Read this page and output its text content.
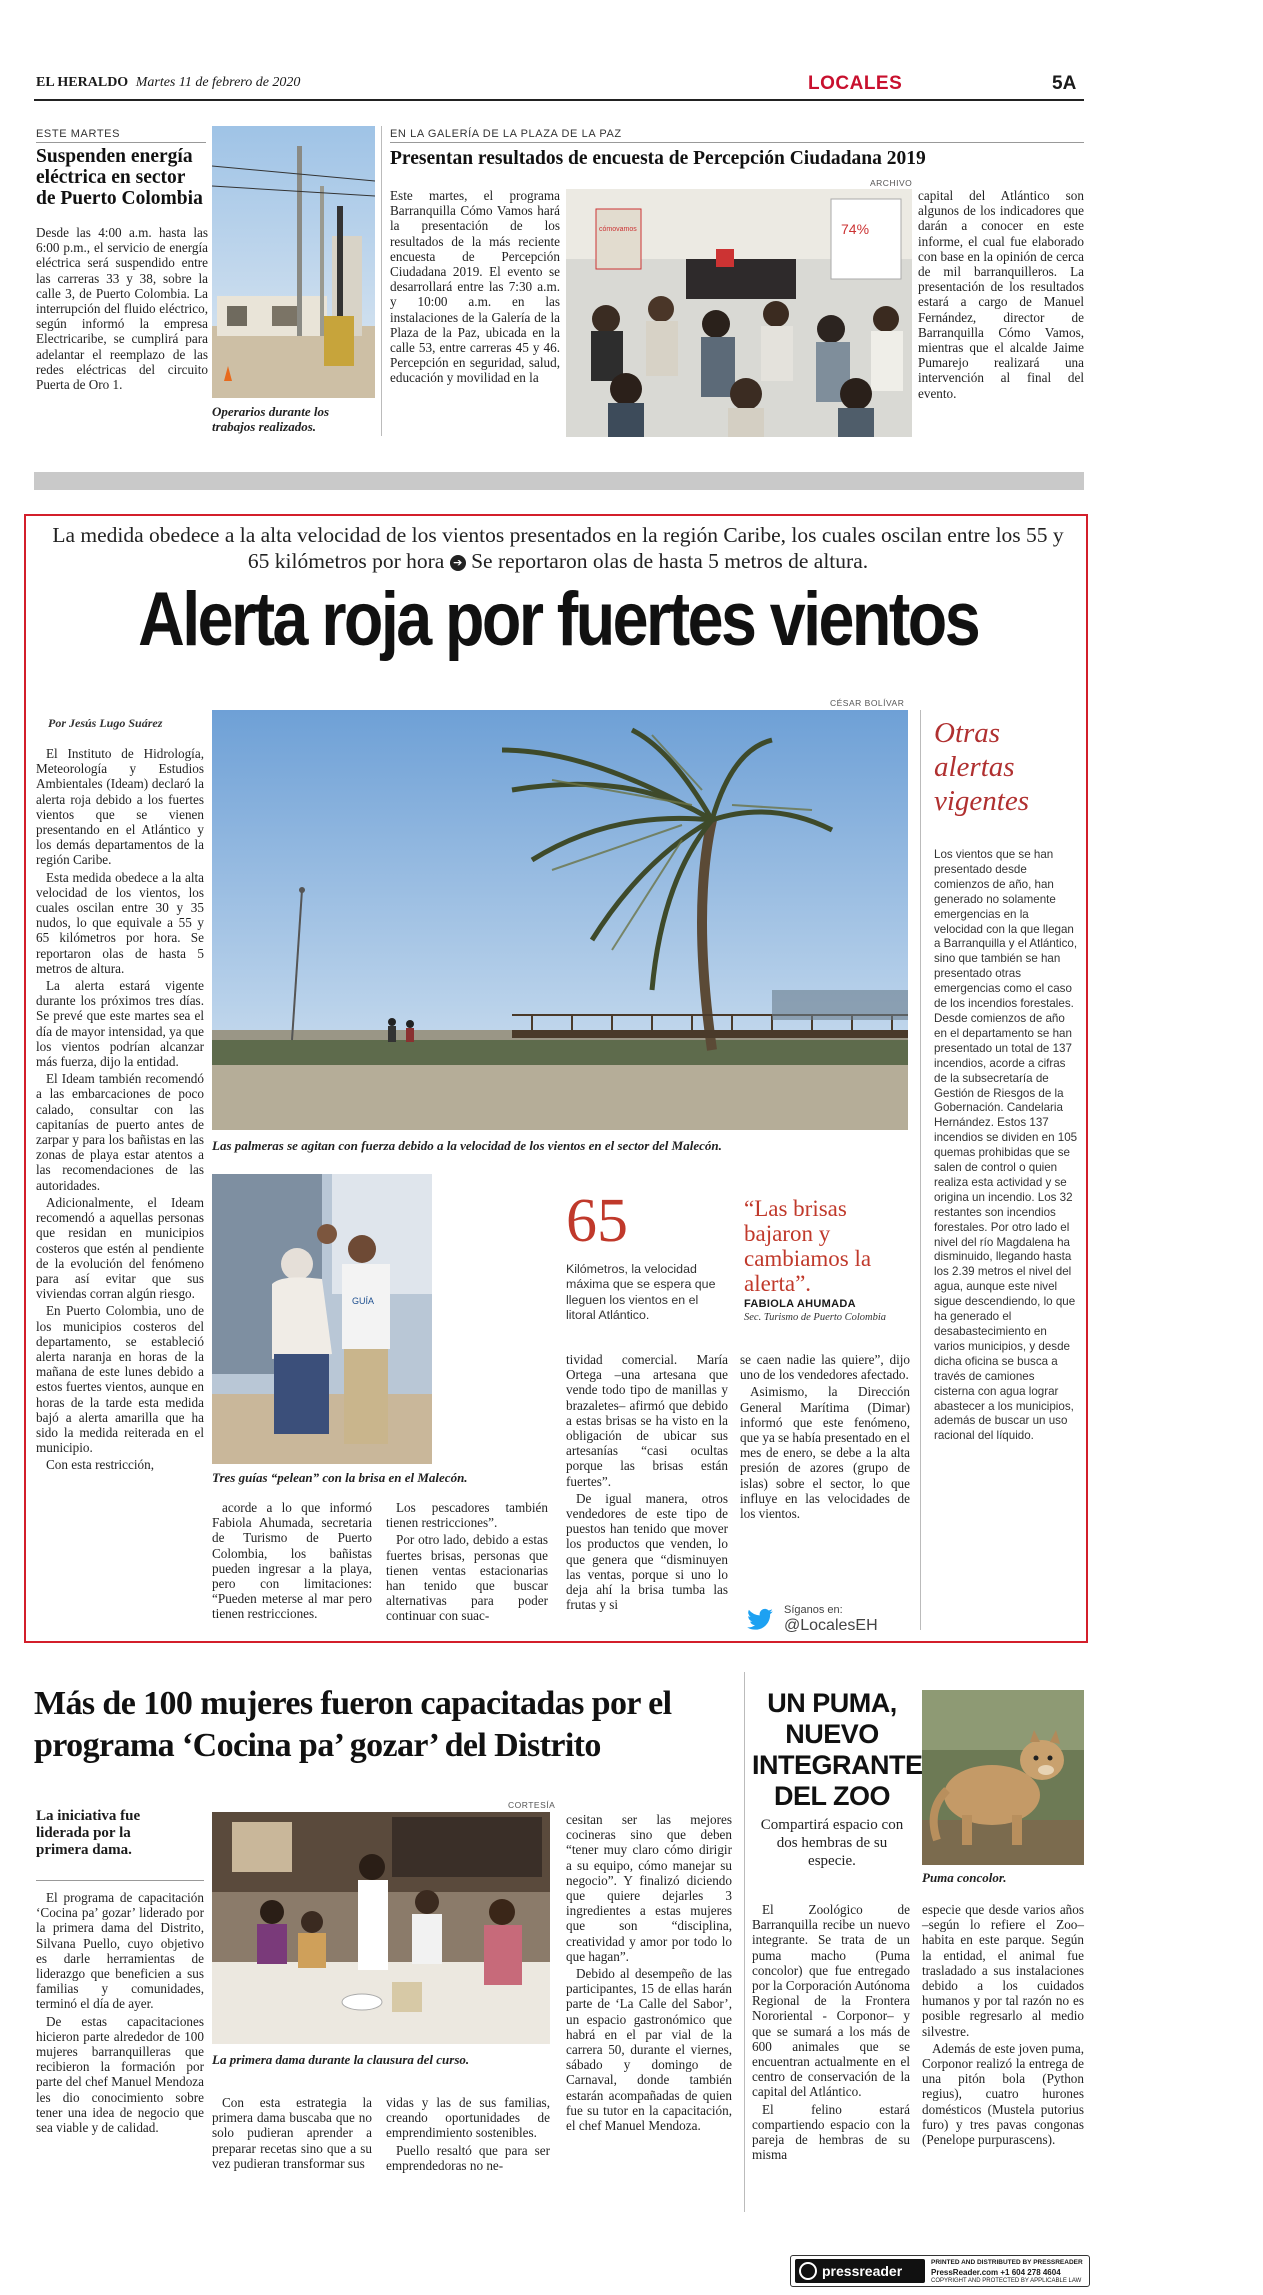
EL HERALDO Martes 11 de febrero de 2020	LOCALES	5A
ESTE MARTES
Suspenden energía eléctrica en sector de Puerto Colombia
Desde las 4:00 a.m. hasta las 6:00 p.m., el servicio de energía eléctrica será suspendido entre las carreras 33 y 38, sobre la calle 3, de Puerto Colombia. La interrupción del fluido eléctrico, según informó la empresa Electricaribe, se cumplirá para adelantar el reemplazo de las redes eléctricas del circuito Puerta de Oro 1.
Operarios durante los trabajos realizados.
EN LA GALERÍA DE LA PLAZA DE LA PAZ
Presentan resultados de encuesta de Percepción Ciudadana 2019
Este martes, el programa Barranquilla Cómo Vamos hará la presentación de los resultados de la más reciente encuesta de Percepción Ciudadana 2019. El evento se desarrollará entre las 7:30 a.m. y 10:00 a.m. en las instalaciones de la Galería de la Plaza de la Paz, ubicada en la calle 53, entre carreras 45 y 46. Percepción en seguridad, salud, educación y movilidad en la
ARCHIVO
cómovamos	74%
capital del Atlántico son algunos de los indicadores que darán a conocer en este informe, el cual fue elaborado con base en la opinión de cerca de mil barranquilleros. La presentación de los resultados estará a cargo de Manuel Fernández, director de Barranquilla Cómo Vamos, mientras que el alcalde Jaime Pumarejo realizará una intervención al final del evento.
La medida obedece a la alta velocidad de los vientos presentados en la región Caribe, los cuales oscilan entre los 55 y 65 kilómetros por hora ➔ Se reportaron olas de hasta 5 metros de altura.
Alerta roja por fuertes vientos
CÉSAR BOLÍVAR
Por Jesús Lugo Suárez

El Instituto de Hidrología, Meteorología y Estudios Ambientales (Ideam) declaró la alerta roja debido a los fuertes vientos que se vienen presentando en el Atlántico y los demás departamentos de la región Caribe.

Esta medida obedece a la alta velocidad de los vientos, los cuales oscilan entre 30 y 35 nudos, lo que equivale a 55 y 65 kilómetros por hora. Se reportaron olas de hasta 5 metros de altura.

La alerta estará vigente durante los próximos tres días. Se prevé que este martes sea el día de mayor intensidad, ya que los vientos podrían alcanzar más fuerza, dijo la entidad.

El Ideam también recomendó a las embarcaciones de poco calado, consultar con las capitanías de puerto antes de zarpar y para los bañistas en las zonas de playa estar atentos a las recomendaciones de las autoridades.

Adicionalmente, el Ideam recomendó a aquellas personas que residan en municipios costeros que estén al pendiente de la evolución del fenómeno para así evitar que sus viviendas corran algún riesgo.

En Puerto Colombia, uno de los municipios costeros del departamento, se estableció alerta naranja en horas de la mañana de este lunes debido a estos fuertes vientos, aunque en horas de la tarde esta medida bajó a alerta amarilla que ha sido la medida reiterada en el municipio.

Con esta restricción,

Las palmeras se agitan con fuerza debido a la velocidad de los vientos en el sector del Malecón.
GUÍA
Tres guías “pelean” con la brisa en el Malecón.
65
Kilómetros, la velocidad máxima que se espera que lleguen los vientos en el litoral Atlántico.
“Las brisas bajaron y cambiamos la alerta”.
FABIOLA AHUMADA
Sec. Turismo de Puerto Colombia
acorde a lo que informó Fabiola Ahumada, secretaria de Turismo de Puerto Colombia, los bañistas pueden ingresar a la playa, pero con limitaciones: “Pueden meterse al mar pero tienen restricciones.

Los pescadores también tienen restricciones”.

Por otro lado, debido a estas fuertes brisas, personas que tienen ventas estacionarias han tenido que buscar alternativas para poder continuar con suac-

tividad comercial. María Ortega –una artesana que vende todo tipo de manillas y brazaletes– afirmó que debido a estas brisas se ha visto en la obligación de ubicar sus artesanías “casi ocultas porque las brisas están fuertes”.

De igual manera, otros vendedores de este tipo de puestos han tenido que mover los productos que venden, lo que genera que “disminuyen las ventas, porque si uno lo deja ahí la brisa tumba las frutas y si

se caen nadie las quiere”, dijo uno de los vendedores afectado.

Asimismo, la Dirección General Marítima (Dimar) informó que este fenómeno, que ya se había presentado en el mes de enero, se debe a la alta presión de azores (grupo de islas) sobre el sector, lo que influye en las velocidades de los vientos.

Síganos en:
@LocalesEH
Otras alertas vigentes
Los vientos que se han presentado desde comienzos de año, han generado no solamente emergencias en la velocidad con la que llegan a Barranquilla y el Atlántico, sino que también se han presentado otras emergencias como el caso de los incendios forestales. Desde comienzos de año en el departamento se han presentado un total de 137 incendios, acorde a cifras de la subsecretaría de Gestión de Riesgos de la Gobernación. Candelaria Hernández. Estos 137 incendios se dividen en 105 quemas prohibidas que se salen de control o quien realiza esta actividad y se origina un incendio. Los 32 restantes son incendios forestales. Por otro lado el nivel del río Magdalena ha disminuido, llegando hasta los 2.39 metros el nivel del agua, aunque este nivel sigue descendiendo, lo que ha generado el desabastecimiento en varios municipios, y desde dicha oficina se busca a través de camiones cisterna con agua lograr abastecer a los municipios, además de buscar un uso racional del líquido.
Más de 100 mujeres fueron capacitadas por el programa ‘Cocina pa’ gozar’ del Distrito
La iniciativa fue liderada por la primera dama.

El programa de capacitación ‘Cocina pa’ gozar’ liderado por la primera dama del Distrito, Silvana Puello, cuyo objetivo es darle herramientas de liderazgo que beneficien a sus familias y comunidades, terminó el día de ayer.

De estas capacitaciones hicieron parte alrededor de 100 mujeres barranquilleras que recibieron la formación por parte del chef Manuel Mendoza les dio conocimiento sobre tener una idea de negocio que sea viable y de calidad.

CORTESÍA
La primera dama durante la clausura del curso.
Con esta estrategia la primera dama buscaba que no solo pudieran aprender a preparar recetas sino que a su vez pudieran transformar sus

vidas y las de sus familias, creando oportunidades de emprendimiento sostenibles.

Puello resaltó que para ser emprendedoras no ne-

cesitan ser las mejores cocineras sino que deben “tener muy claro cómo dirigir a su equipo, cómo manejar su negocio”. Y finalizó diciendo que quiere dejarles 3 ingredientes a estas mujeres que son “disciplina, creatividad y amor por todo lo que hagan”.

Debido al desempeño de las participantes, 15 de ellas harán parte de ‘La Calle del Sabor’, un espacio gastronómico que habrá en el par vial de la carrera 50, durante el viernes, sábado y domingo de Carnaval, donde también estarán acompañadas de quien fue su tutor en la capacitación, el chef Manuel Mendoza.

UN PUMA, NUEVO INTEGRANTE DEL ZOO
Compartirá espacio con dos hembras de su especie.
Puma concolor.

El Zoológico de Barranquilla recibe un nuevo integrante. Se trata de un puma macho (Puma concolor) que fue entregado por la Corporación Autónoma Regional de la Frontera Nororiental - Corponor– y que se sumará a los más de 600 animales que se encuentran actualmente en el centro de conservación de la capital del Atlántico.

El felino estará compartiendo espacio con la pareja de hembras de su misma

especie que desde varios años –según lo refiere el Zoo– habita en este parque. Según la entidad, el animal fue trasladado a sus instalaciones debido a los cuidados humanos y por tal razón no es posible regresarlo al medio silvestre.

Además de este joven puma, Corponor realizó la entrega de una pitón bola (Python regius), cuatro hurones domésticos (Mustela putorius furo) y tres pavas congonas (Penelope purpurascens).

pressreader
PRINTED AND DISTRIBUTED BY PRESSREADER
PressReader.com +1 604 278 4604
COPYRIGHT AND PROTECTED BY APPLICABLE LAW
